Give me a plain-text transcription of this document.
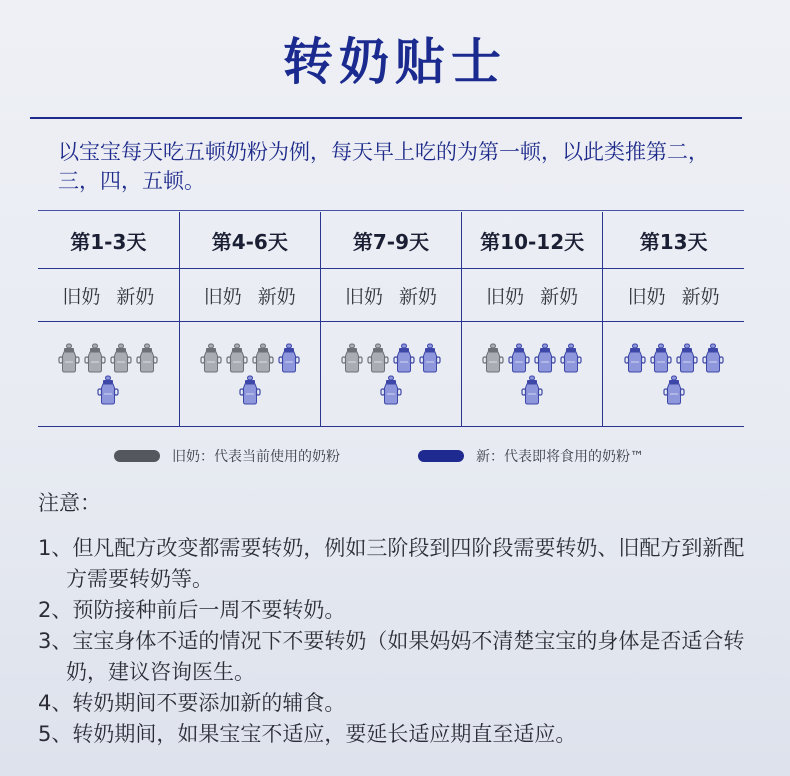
转奶贴士
以宝宝每天吃五顿奶粉为例，每天早上吃的为第一顿，以此类推第二，三，四，五顿。
第1-3天	第4-6天	第7-9天	第10-12天	第13天
旧奶 新奶	旧奶 新奶	旧奶 新奶	旧奶 新奶	旧奶 新奶

旧奶：代表当前使用的奶粉	新：代表即将食用的奶粉™
注意：
1、但凡配方改变都需要转奶，例如三阶段到四阶段需要转奶、旧配方到新配方需要转奶等。
2、预防接种前后一周不要转奶。
3、宝宝身体不适的情况下不要转奶（如果妈妈不清楚宝宝的身体是否适合转奶，建议咨询医生。
4、转奶期间不要添加新的辅食。
5、转奶期间，如果宝宝不适应，要延长适应期直至适应。
